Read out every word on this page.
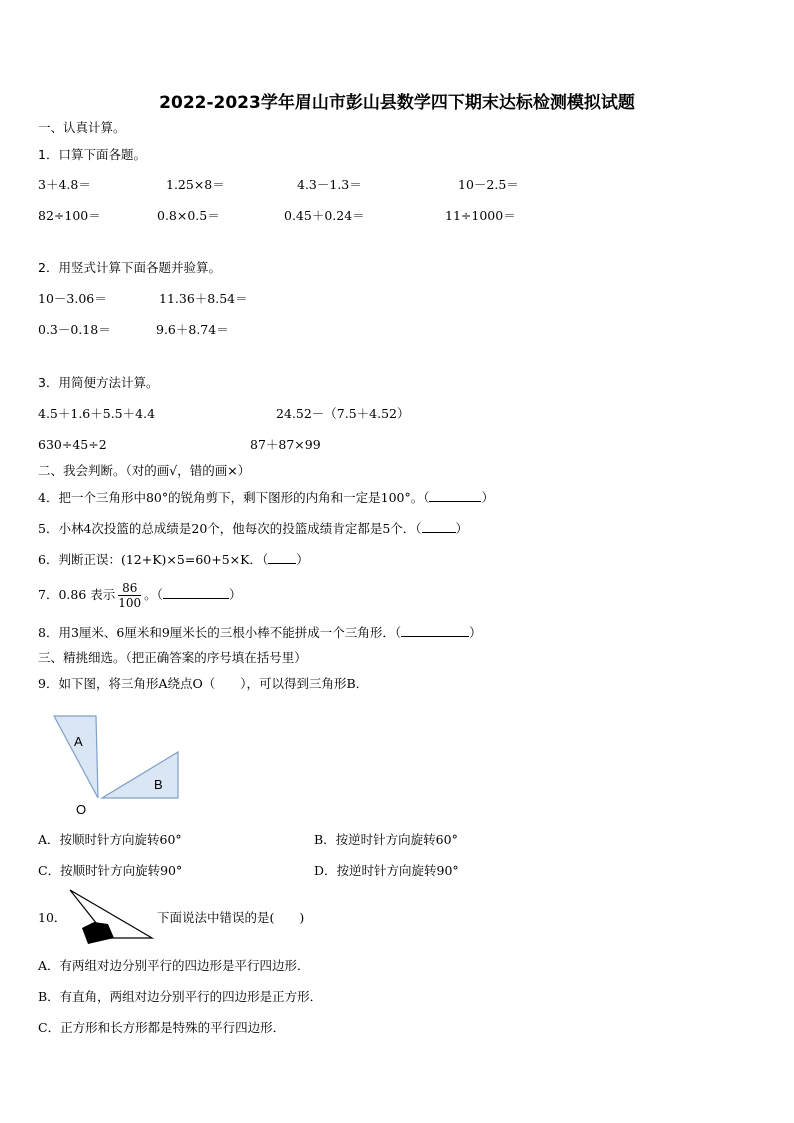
2022-2023学年眉山市彭山县数学四下期末达标检测模拟试题
一、认真计算。
1．口算下面各题。
3＋4.8＝	1.25×8＝	4.3－1.3＝	10－2.5＝
82÷100＝	0.8×0.5＝	0.45＋0.24＝	11÷1000＝
2．用竖式计算下面各题并验算。
10－3.06＝	11.36＋8.54＝
0.3－0.18＝	9.6＋8.74＝
3．用简便方法计算。
4.5＋1.6＋5.5＋4.4	24.52－（7.5＋4.52）
630÷45÷2	87＋87×99
二、我会判断。（对的画√，错的画×）
4．把一个三角形中80°的锐角剪下，剩下图形的内角和一定是100°。（	）
5．小林4次投篮的总成绩是20个，他每次的投篮成绩肯定都是5个．（	）
6．判断正误：(12+K)×5=60+5×K．（ ）
7．0.86 表示 $\frac{86}{100}$ 。（	）
8．用3厘米、6厘米和9厘米长的三根小棒不能拼成一个三角形．（	）
三、精挑细选。（把正确答案的序号填在括号里）
9．如下图，将三角形A绕点O（　　），可以得到三角形B．
A
B
O
A．按顺时针方向旋转60°	B．按逆时针方向旋转60°
C．按顺时针方向旋转90°	D．按逆时针方向旋转90°
10．	下面说法中错误的是(　　)
A．有两组对边分别平行的四边形是平行四边形．
B．有直角，两组对边分别平行的四边形是正方形．
C．正方形和长方形都是特殊的平行四边形．
